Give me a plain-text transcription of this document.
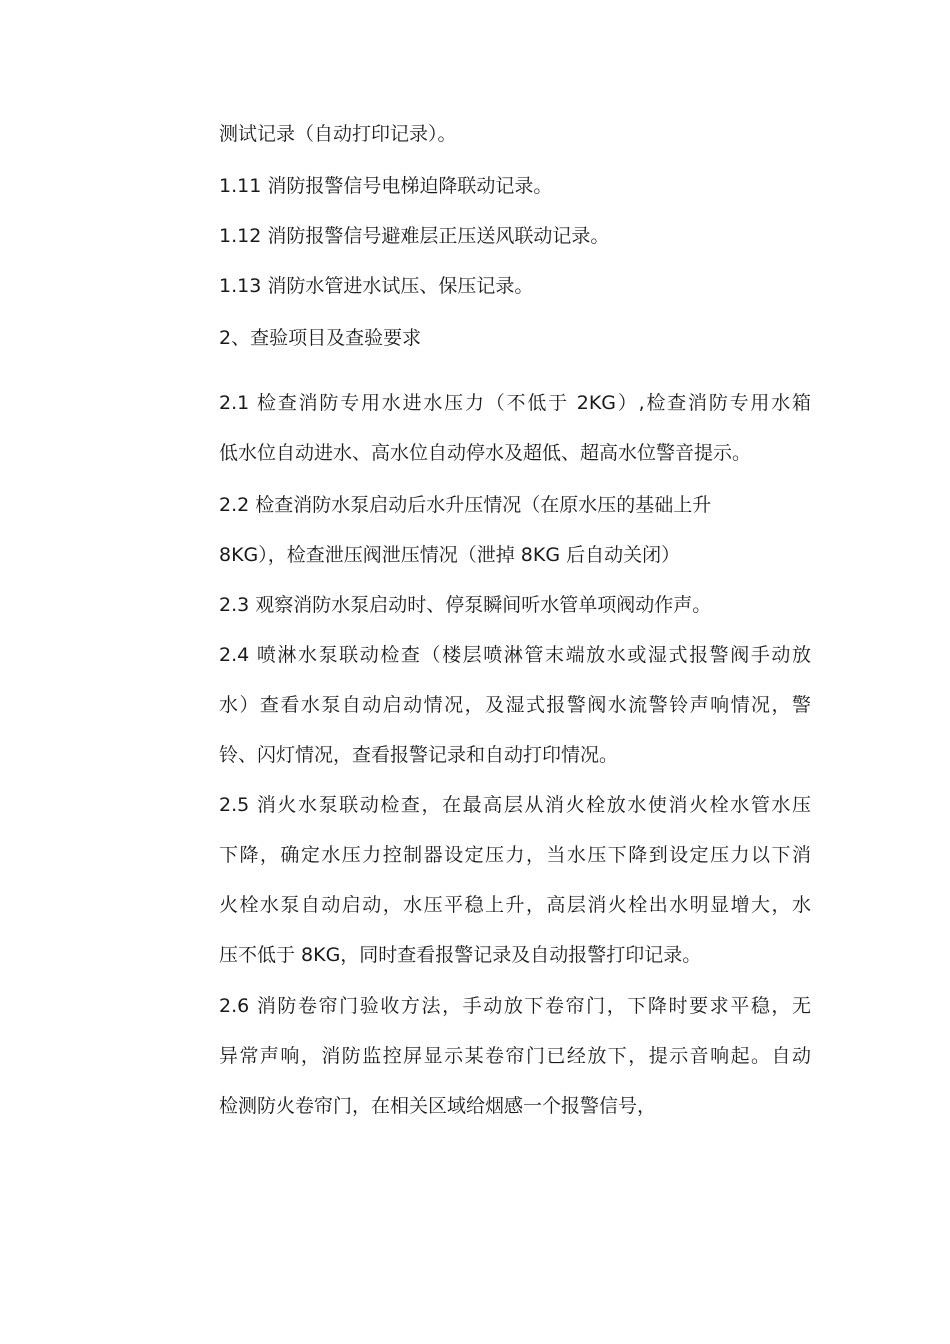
测试记录（自动打印记录）。
1.11 消防报警信号电梯迫降联动记录。
1.12 消防报警信号避难层正压送风联动记录。
1.13 消防水管进水试压、保压记录。
2、查验项目及查验要求
2.1 检查消防专用水进水压力（不低于 2KG）,检查消防专用水箱
低水位自动进水、高水位自动停水及超低、超高水位警音提示。
2.2 检查消防水泵启动后水升压情况（在原水压的基础上升
8KG），检查泄压阀泄压情况（泄掉 8KG 后自动关闭）
2.3 观察消防水泵启动时、停泵瞬间听水管单项阀动作声。
2.4 喷淋水泵联动检查（楼层喷淋管末端放水或湿式报警阀手动放
水）查看水泵自动启动情况，及湿式报警阀水流警铃声响情况，警
铃、闪灯情况，查看报警记录和自动打印情况。
2.5 消火水泵联动检查，在最高层从消火栓放水使消火栓水管水压
下降，确定水压力控制器设定压力，当水压下降到设定压力以下消
火栓水泵自动启动，水压平稳上升，高层消火栓出水明显增大，水
压不低于 8KG，同时查看报警记录及自动报警打印记录。
2.6 消防卷帘门验收方法，手动放下卷帘门，下降时要求平稳，无
异常声响，消防监控屏显示某卷帘门已经放下，提示音响起。自动
检测防火卷帘门，在相关区域给烟感一个报警信号，
